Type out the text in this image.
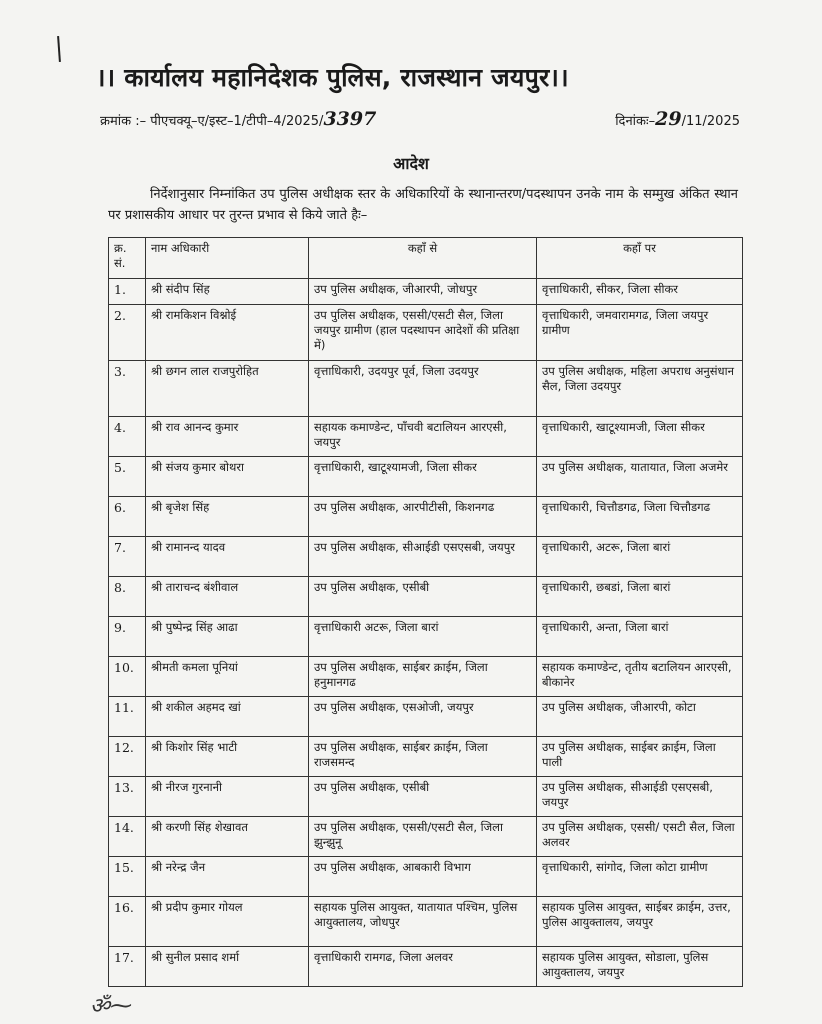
।। कार्यालय महानिदेशक पुलिस, राजस्थान जयपुर।।
क्रमांक :– पीएचक्यू–ए/इस्ट–1/टीपी–4/2025/3397	दिनांकः–29/11/2025
आदेश
निर्देशानुसार निम्नांकित उप पुलिस अधीक्षक स्तर के अधिकारियों के स्थानान्तरण/पदस्थापन उनके नाम के सम्मुख अंकित स्थान पर प्रशासकीय आधार पर तुरन्त प्रभाव से किये जाते हैः–
क्र. सं.	नाम अधिकारी	कहाँ से	कहाँ पर
1.	श्री संदीप सिंह	उप पुलिस अधीक्षक, जीआरपी, जोधपुर	वृत्ताधिकारी, सीकर, जिला सीकर
2.	श्री रामकिशन विश्नोई	उप पुलिस अधीक्षक, एससी/एसटी सैल, जिला जयपुर ग्रामीण (हाल पदस्थापन आदेशों की प्रतिक्षा में)	वृत्ताधिकारी, जमवारामगढ, जिला जयपुर ग्रामीण
3.	श्री छगन लाल राजपुरोहित	वृत्ताधिकारी, उदयपुर पूर्व, जिला उदयपुर	उप पुलिस अधीक्षक, महिला अपराध अनुसंधान सैल, जिला उदयपुर
4.	श्री राव आनन्द कुमार	सहायक कमाण्डेन्ट, पाँचवी बटालियन आरएसी, जयपुर	वृत्ताधिकारी, खाटूश्यामजी, जिला सीकर
5.	श्री संजय कुमार बोथरा	वृत्ताधिकारी, खाटूश्यामजी, जिला सीकर	उप पुलिस अधीक्षक, यातायात, जिला अजमेर
6.	श्री बृजेश सिंह	उप पुलिस अधीक्षक, आरपीटीसी, किशनगढ	वृत्ताधिकारी, चित्तौडगढ, जिला चित्तौडगढ
7.	श्री रामानन्द यादव	उप पुलिस अधीक्षक, सीआईडी एसएसबी, जयपुर	वृत्ताधिकारी, अटरू, जिला बारां
8.	श्री ताराचन्द बंशीवाल	उप पुलिस अधीक्षक, एसीबी	वृत्ताधिकारी, छबडां, जिला बारां
9.	श्री पुष्पेन्द्र सिंह आढा	वृत्ताधिकारी अटरू, जिला बारां	वृत्ताधिकारी, अन्ता, जिला बारां
10.	श्रीमती कमला पूनियां	उप पुलिस अधीक्षक, साईबर क्राईम, जिला हनुमानगढ	सहायक कमाण्डेन्ट, तृतीय बटालियन आरएसी, बीकानेर
11.	श्री शकील अहमद खां	उप पुलिस अधीक्षक, एसओजी, जयपुर	उप पुलिस अधीक्षक, जीआरपी, कोटा
12.	श्री किशोर सिंह भाटी	उप पुलिस अधीक्षक, साईबर क्राईम, जिला राजसमन्द	उप पुलिस अधीक्षक, साईबर क्राईम, जिला पाली
13.	श्री नीरज गुरनानी	उप पुलिस अधीक्षक, एसीबी	उप पुलिस अधीक्षक, सीआईडी एसएसबी, जयपुर
14.	श्री करणी सिंह शेखावत	उप पुलिस अधीक्षक, एससी/एसटी सैल, जिला झुन्झुनू	उप पुलिस अधीक्षक, एससी/ एसटी सैल, जिला अलवर
15.	श्री नरेन्द्र जैन	उप पुलिस अधीक्षक, आबकारी विभाग	वृत्ताधिकारी, सांगोद, जिला कोटा ग्रामीण
16.	श्री प्रदीप कुमार गोयल	सहायक पुलिस आयुक्त, यातायात पश्चिम, पुलिस आयुक्तालय, जोधपुर	सहायक पुलिस आयुक्त, साईबर क्राईम, उत्तर, पुलिस आयुक्तालय, जयपुर
17.	श्री सुनील प्रसाद शर्मा	वृत्ताधिकारी रामगढ, जिला अलवर	सहायक पुलिस आयुक्त, सोडाला, पुलिस आयुक्तालय, जयपुर
ॐ⁓
